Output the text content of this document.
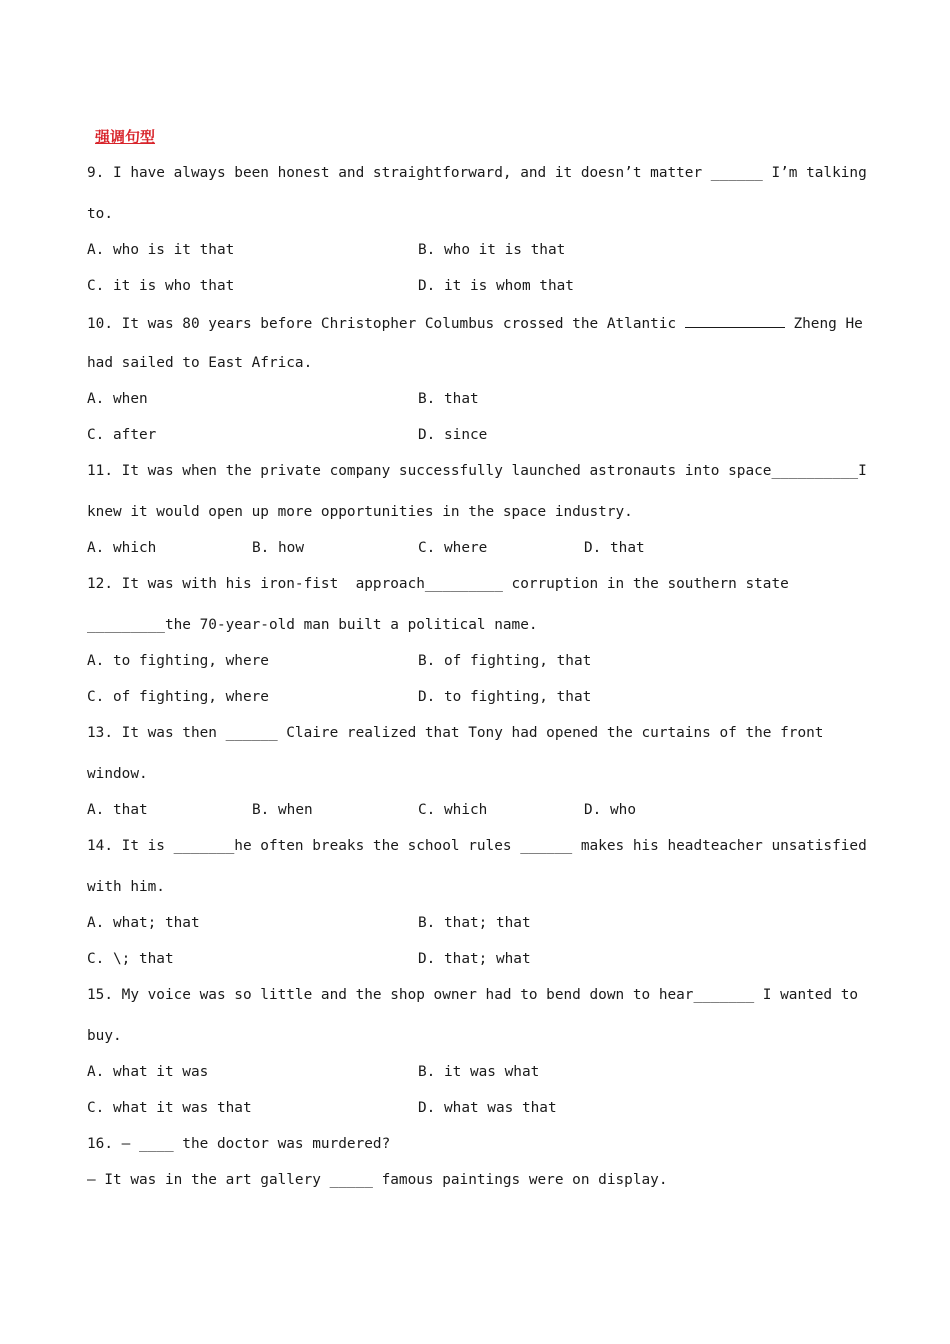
强调句型
9. I have always been honest and straightforward, and it doesn’t matter ______ I’m talking
to.
A. who is it that	B. who it is that
C. it is who that	D. it is whom that
10. It was 80 years before Christopher Columbus crossed the Atlantic	Zheng He
had sailed to East Africa.
A. when	B. that
C. after	D. since
11. It was when the private company successfully launched astronauts into space__________I
knew it would open up more opportunities in the space industry.
A. which	B. how	C. where	D. that
12. It was with his iron-fist  approach_________ corruption in the southern state
_________the 70-year-old man built a political name.
A. to fighting, where	B. of fighting, that
C. of fighting, where	D. to fighting, that
13. It was then ______ Claire realized that Tony had opened the curtains of the front
window.
A. that	B. when	C. which	D. who
14. It is _______he often breaks the school rules ______ makes his headteacher unsatisfied
with him.
A. what; that	B. that; that
C. \; that	D. that; what
15. My voice was so little and the shop owner had to bend down to hear_______ I wanted to
buy.
A. what it was	B. it was what
C. what it was that	D. what was that
16. — ____ the doctor was murdered?
— It was in the art gallery _____ famous paintings were on display.
